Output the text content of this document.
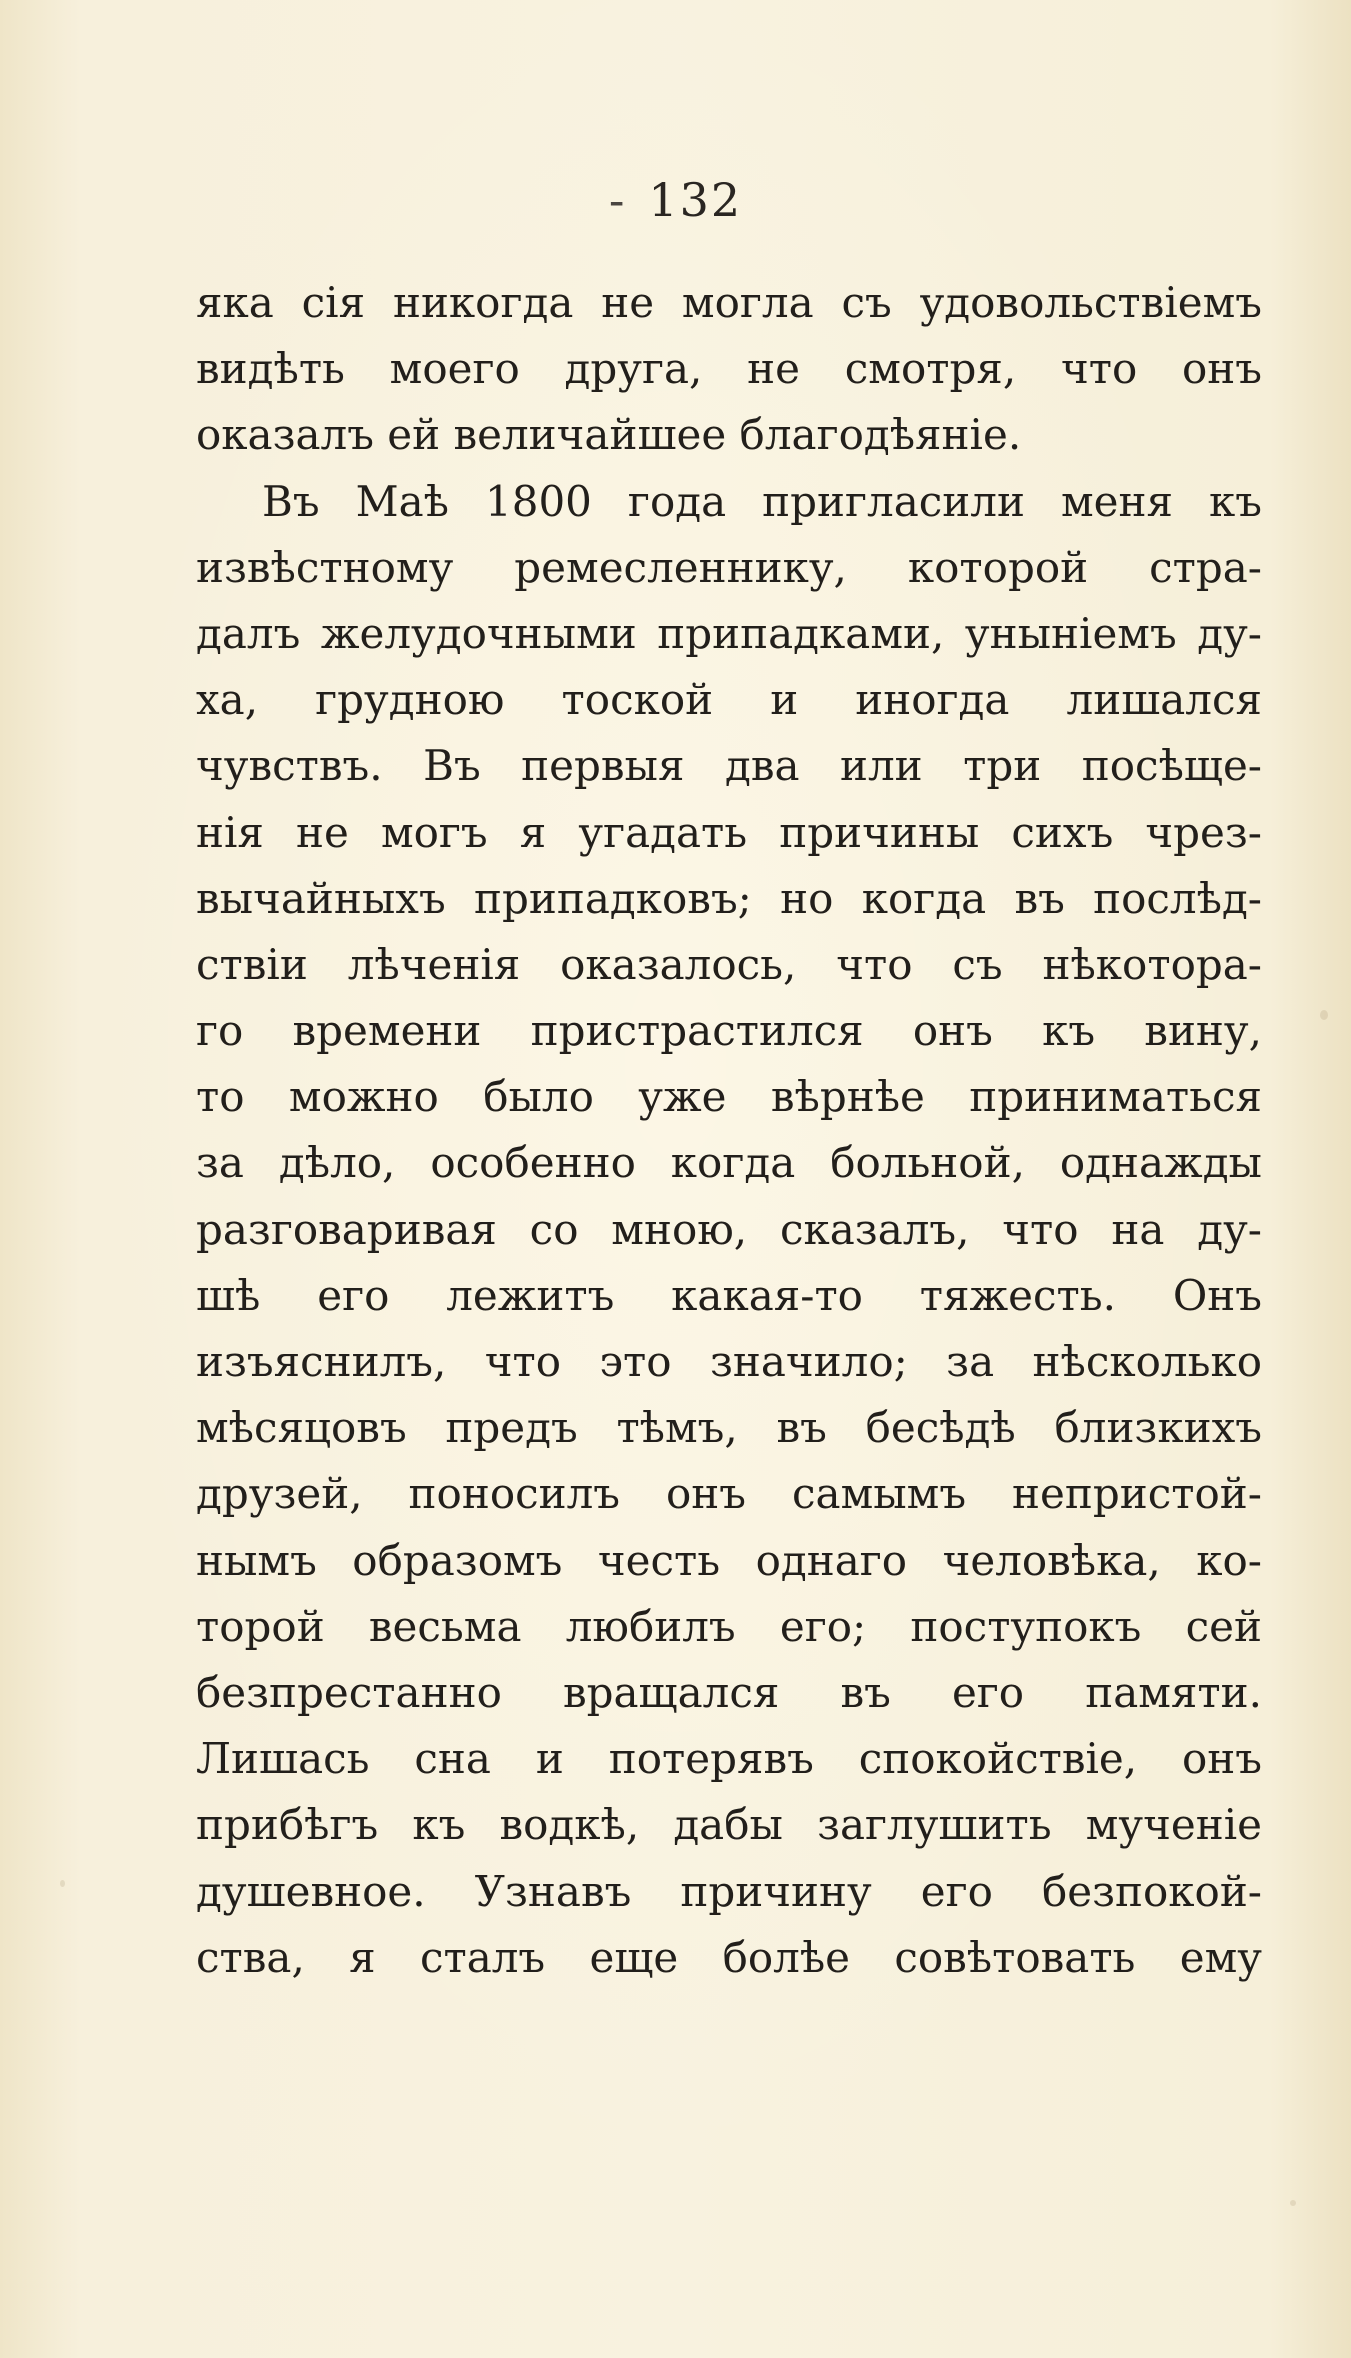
- 132
яка сія никогда не могла съ удовольствіемъ
видѣть моего друга, не смотря, что онъ
оказалъ ей величайшее благодѣяніе.
Въ Маѣ 1800 года пригласили меня къ
извѣстному ремесленнику, которой стра-
далъ желудочными припадками, уныніемъ ду-
ха, грудною тоской и иногда лишался
чувствъ. Въ первыя два или три посѣще-
нія не могъ я угадать причины сихъ чрез-
вычайныхъ припадковъ; но когда въ послѣд-
ствіи лѣченія оказалось, что съ нѣкотора-
го времени пристрастился онъ къ вину,
то можно было уже вѣрнѣе приниматься
за дѣло, особенно когда больной, однажды
разговаривая со мною, сказалъ, что на ду-
шѣ его лежитъ какая-то тяжесть. Онъ
изъяснилъ, что это значило; за нѣсколько
мѣсяцовъ предъ тѣмъ, въ бесѣдѣ близкихъ
друзей, поносилъ онъ самымъ непристой-
нымъ образомъ честь однаго человѣка, ко-
торой весьма любилъ его; поступокъ сей
безпрестанно вращался въ его памяти.
Лишась сна и потерявъ спокойствіе, онъ
прибѣгъ къ водкѣ, дабы заглушить мученіе
душевное. Узнавъ причину его безпокой-
ства, я сталъ еще болѣе совѣтовать ему
